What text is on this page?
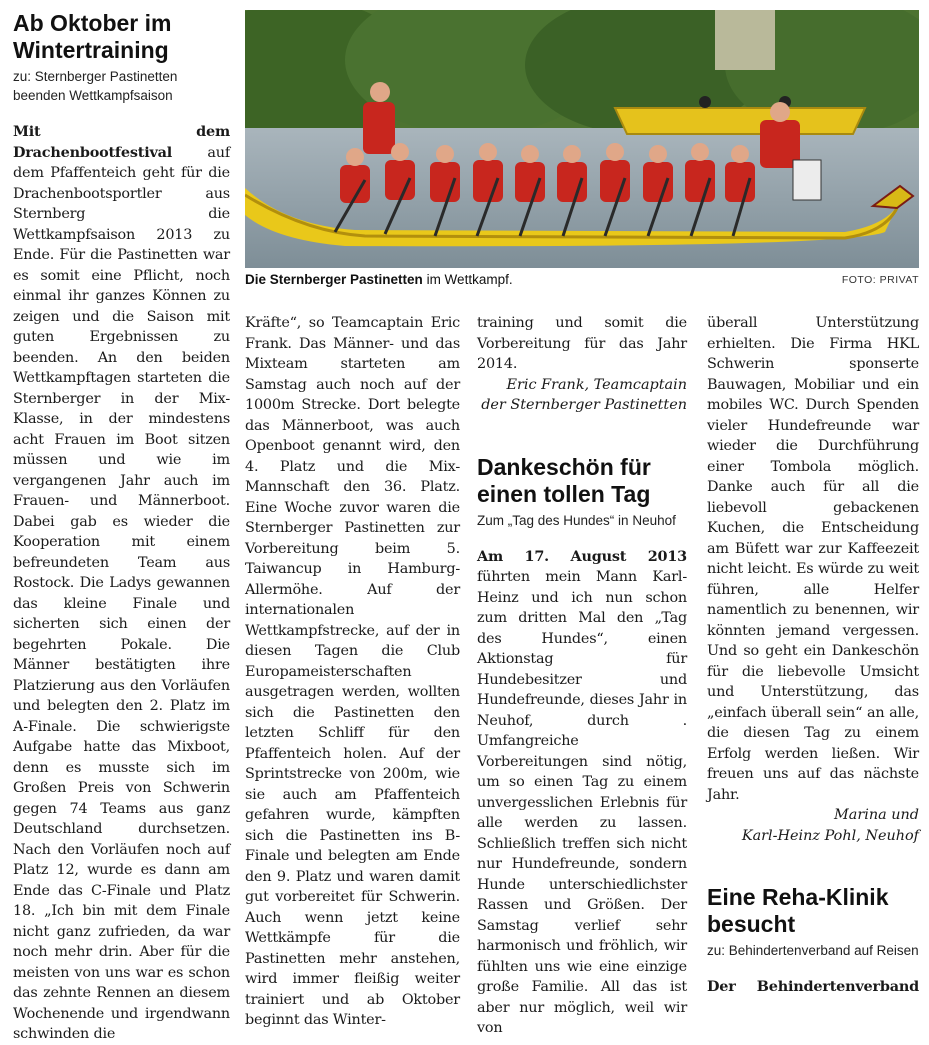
Ab Oktober im Wintertraining

zu: Sternberger Pastinetten beenden Wettkampfsaison

Mit dem Drachenbootfestival auf dem Pfaffenteich geht für die Drachenbootsportler aus Sternberg die Wettkampfsaison 2013 zu Ende. Für die Pastinetten war es somit eine Pflicht, noch einmal ihr ganzes Können zu zeigen und die Saison mit guten Ergebnissen zu beenden. An den beiden Wettkampftagen starteten die Sternberger in der Mix-Klasse, in der mindestens acht Frauen im Boot sitzen müssen und wie im vergangenen Jahr auch im Frauen- und Männerboot. Dabei gab es wieder die Kooperation mit einem befreundeten Team aus Rostock. Die Ladys gewannen das kleine Finale und sicherten sich einen der begehrten Pokale. Die Männer bestätigten ihre Platzierung aus den Vorläufen und belegten den 2. Platz im A-Finale. Die schwierigste Aufgabe hatte das Mixboot, denn es musste sich im Großen Preis von Schwerin gegen 74 Teams aus ganz Deutschland durchsetzen. Nach den Vorläufen noch auf Platz 12, wurde es dann am Ende das C-Finale und Platz 18. „Ich bin mit dem Finale nicht ganz zufrieden, da war noch mehr drin. Aber für die meisten von uns war es schon das zehnte Rennen an diesem Wochenende und irgendwann schwinden die

Die Sternberger Pastinetten im Wettkampf.	FOTO: PRIVAT

Kräfte“, so Teamcaptain Eric Frank. Das Männer- und das Mixteam starteten am Samstag auch noch auf der 1000m Strecke. Dort belegte das Männerboot, was auch Openboot genannt wird, den 4. Platz und die Mix-Mannschaft den 36. Platz. Eine Woche zuvor waren die Sternberger Pastinetten zur Vorbereitung beim 5. Taiwancup in Hamburg-Allermöhe. Auf der internationalen Wettkampfstrecke, auf der in diesen Tagen die Club Europameisterschaften ausgetragen werden, wollten sich die Pastinetten den letzten Schliff für den Pfaffenteich holen. Auf der Sprintstrecke von 200m, wie sie auch am Pfaffenteich gefahren wurde, kämpften sich die Pastinetten ins B-Finale und belegten am Ende den 9. Platz und waren damit gut vorbereitet für Schwerin. Auch wenn jetzt keine Wettkämpfe für die Pastinetten mehr anstehen, wird immer fleißig weiter trainiert und ab Oktober beginnt das Winter-

training und somit die Vorbereitung für das Jahr 2014.

Eric Frank, Teamcaptain

der Sternberger Pastinetten

Dankeschön für einen tollen Tag

Zum „Tag des Hundes“ in Neuhof

Am 17. August 2013 führten mein Mann Karl-Heinz und ich nun schon zum dritten Mal den „Tag des Hundes“, einen Aktionstag für Hundebesitzer und Hundefreunde, dieses Jahr in Neuhof, durch . Umfangreiche Vorbereitungen sind nötig, um so einen Tag zu einem unvergesslichen Erlebnis für alle werden zu lassen. Schließlich treffen sich nicht nur Hundefreunde, sondern Hunde unterschiedlichster Rassen und Größen. Der Samstag verlief sehr harmonisch und fröhlich, wir fühlten uns wie eine einzige große Familie. All das ist aber nur möglich, weil wir von

überall Unterstützung erhielten. Die Firma HKL Schwerin sponserte Bauwagen, Mobiliar und ein mobiles WC. Durch Spenden vieler Hundefreunde war wieder die Durchführung einer Tombola möglich. Danke auch für all die liebevoll gebackenen Kuchen, die Entscheidung am Büfett war zur Kaffeezeit nicht leicht. Es würde zu weit führen, alle Helfer namentlich zu benennen, wir könnten jemand vergessen. Und so geht ein Dankeschön für die liebevolle Umsicht und Unterstützung, das „einfach überall sein“ an alle, die diesen Tag zu einem Erfolg werden ließen. Wir freuen uns auf das nächste Jahr.

Marina und

Karl-Heinz Pohl, Neuhof

Eine Reha-Klinik besucht

zu: Behindertenverband auf Reisen

Der Behindertenverband
